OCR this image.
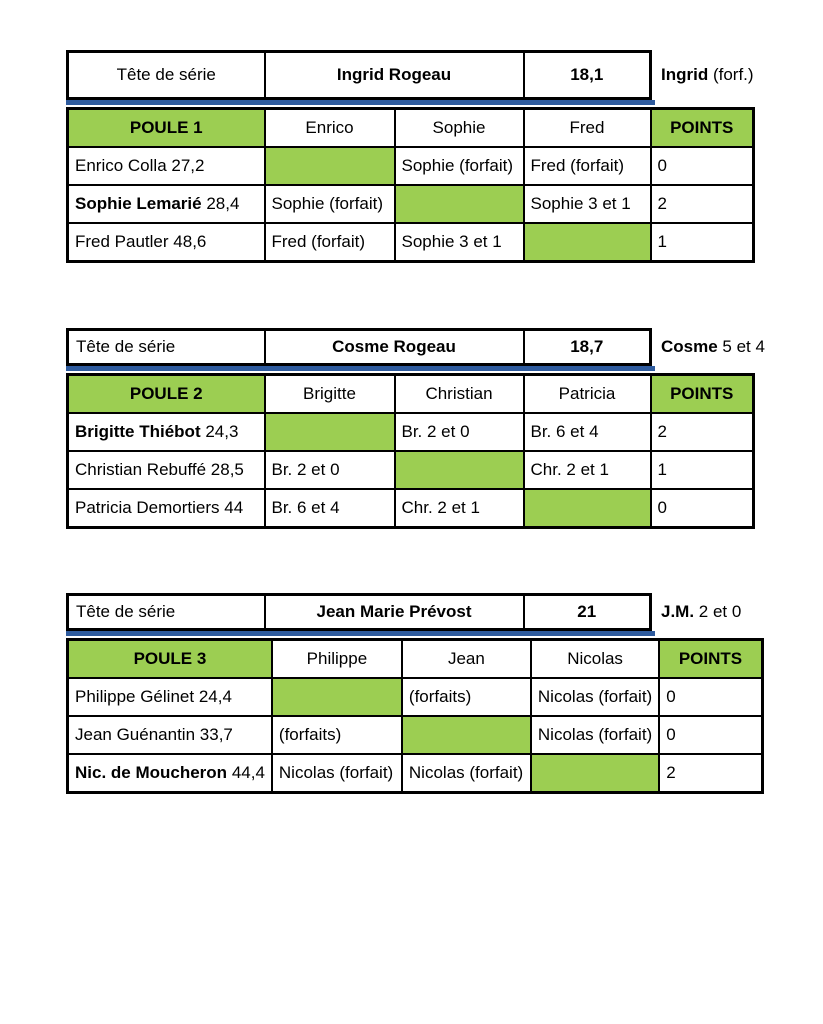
Tête de série	Ingrid Rogeau	18,1	Ingrid (forf.)
POULE 1	Enrico	Sophie	Fred	POINTS
Enrico Colla 27,2		Sophie (forfait)	Fred (forfait)	0
Sophie Lemarié 28,4	Sophie (forfait)		Sophie 3 et 1	2
Fred Pautler 48,6	Fred (forfait)	Sophie 3 et 1		1
Tête de série	Cosme Rogeau	18,7	Cosme 5 et 4
POULE 2	Brigitte	Christian	Patricia	POINTS
Brigitte Thiébot 24,3		Br. 2 et 0	Br. 6 et 4	2
Christian Rebuffé 28,5	Br. 2 et 0		Chr. 2 et 1	1
Patricia Demortiers 44	Br. 6 et 4	Chr. 2 et 1		0
Tête de série	Jean Marie Prévost	21	J.M. 2 et 0
POULE 3	Philippe	Jean	Nicolas	POINTS
Philippe Gélinet 24,4		(forfaits)	Nicolas (forfait)	0
Jean Guénantin 33,7	(forfaits)		Nicolas (forfait)	0
Nic. de Moucheron 44,4	Nicolas (forfait)	Nicolas (forfait)		2
